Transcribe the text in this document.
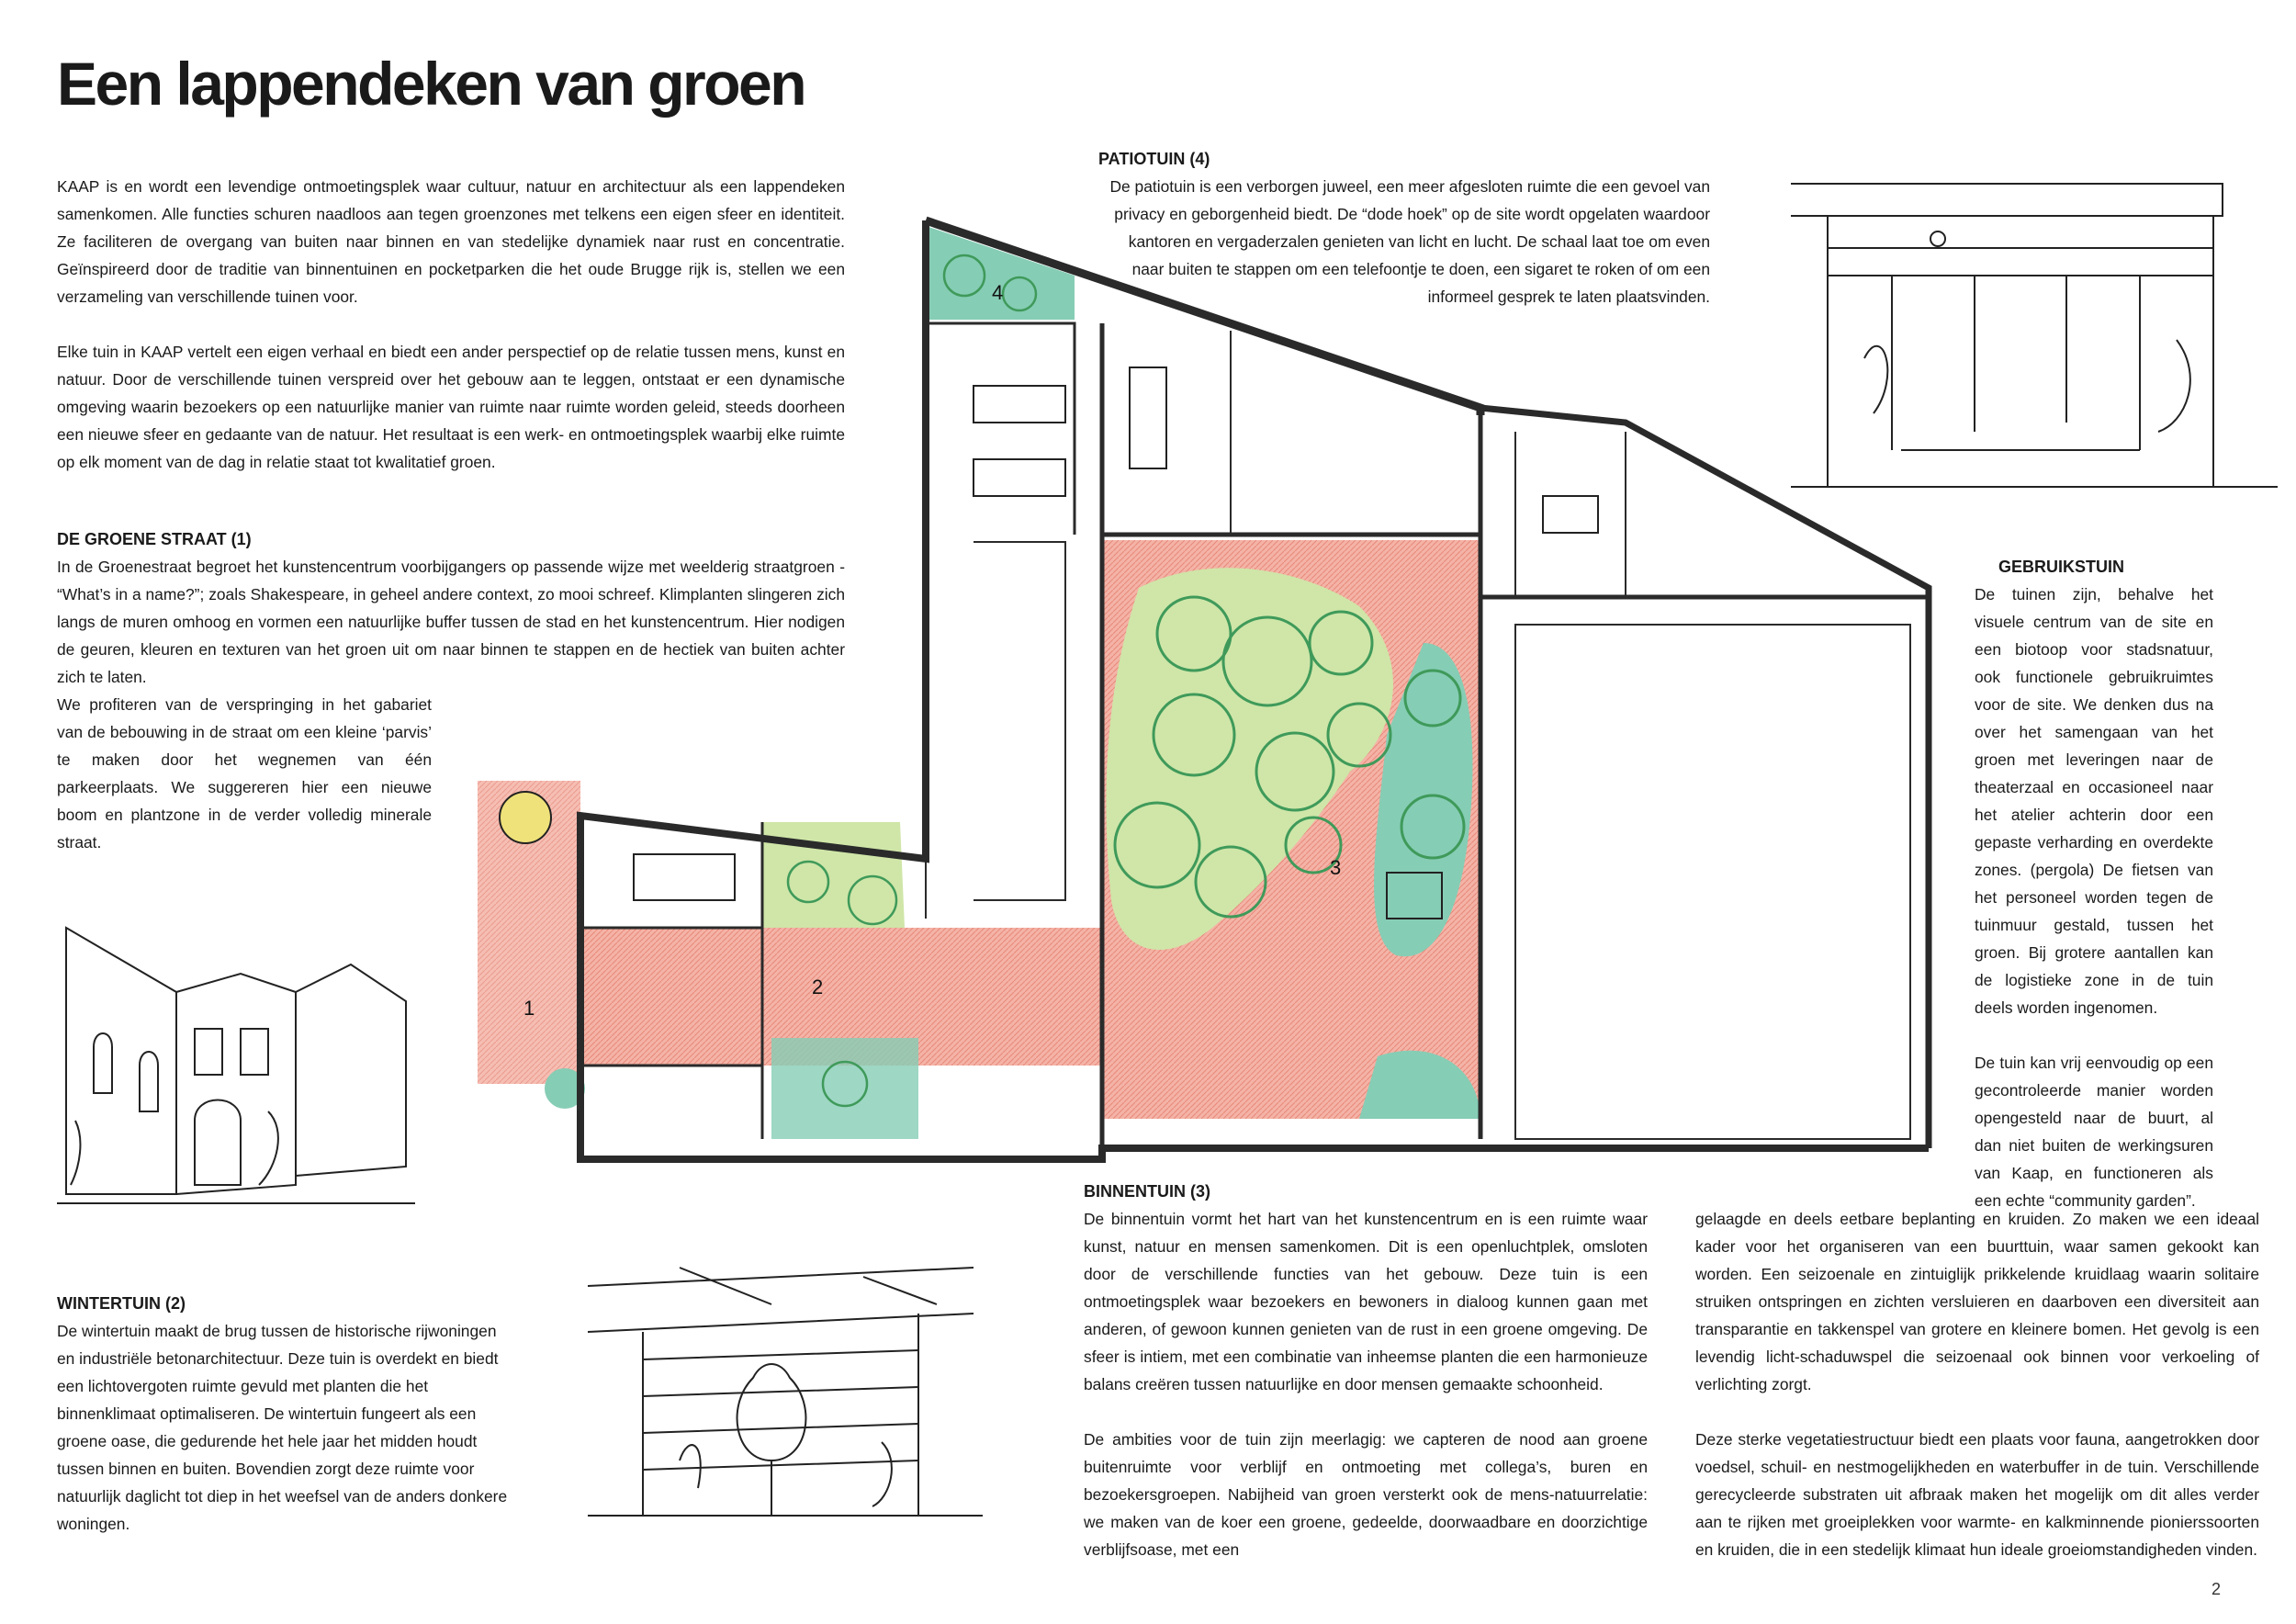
Een lappendeken van groen

KAAP is en wordt een levendige ontmoetingsplek waar cultuur, natuur en architectuur als een lappendeken samenkomen. Alle functies schuren naadloos aan tegen groenzones met telkens een eigen sfeer en identiteit. Ze faciliteren de overgang van buiten naar binnen en van stedelijke dynamiek naar rust en concentratie. Geïnspireerd door de traditie van binnentuinen en pocketparken die het oude Brugge rijk is, stellen we een verzameling van verschillende tuinen voor.

Elke tuin in KAAP vertelt een eigen verhaal en biedt een ander perspectief op de relatie tussen mens, kunst en natuur. Door de verschillende tuinen verspreid over het gebouw aan te leggen, ontstaat er een dynamische omgeving waarin bezoekers op een natuurlijke manier van ruimte naar ruimte worden geleid, steeds doorheen een nieuwe sfeer en gedaante van de natuur. Het resultaat is een werk- en ontmoetingsplek waarbij elke ruimte op elk moment van de dag in relatie staat tot kwalitatief groen.

DE GROENE STRAAT (1)

In de Groenestraat begroet het kunstencentrum voorbijgangers op passende wijze met weelderig straatgroen - “What’s in a name?”; zoals Shakespeare, in geheel andere context, zo mooi schreef. Klimplanten slingeren zich langs de muren omhoog en vormen een natuurlijke buffer tussen de stad en het kunstencentrum. Hier nodigen de geuren, kleuren en texturen van het groen uit om naar binnen te stappen en de hectiek van buiten achter zich te laten.

We profiteren van de verspringing in het gabariet van de bebouwing in de straat om een kleine ‘parvis’ te maken door het wegnemen van één parkeerplaats. We suggereren hier een nieuwe boom en plantzone in de verder volledig minerale straat.

WINTERTUIN (2)

De wintertuin maakt de brug tussen de historische rijwoningen en industriële betonarchitectuur. Deze tuin is overdekt en biedt een lichtovergoten ruimte gevuld met planten die het binnenklimaat optimaliseren. De wintertuin fungeert als een groene oase, die gedurende het hele jaar het midden houdt tussen binnen en buiten. Bovendien zorgt deze ruimte voor natuurlijk daglicht tot diep in het weefsel van de anders donkere woningen.

PATIOTUIN (4)

De patiotuin is een verborgen juweel, een meer afgesloten ruimte die een gevoel van privacy en geborgenheid biedt. De “dode hoek” op de site wordt opgelaten waardoor kantoren en vergaderzalen genieten van licht en lucht. De schaal laat toe om even naar buiten te stappen om een telefoontje te doen, een sigaret te roken of om een informeel gesprek te laten plaatsvinden.

GEBRUIKSTUIN

De tuinen zijn, behalve het visuele centrum van de site en een biotoop voor stadsnatuur, ook functionele gebruikruimtes voor de site. We denken dus na over het samengaan van het groen met leveringen naar de theaterzaal en occasioneel naar het atelier achterin door een gepaste verharding en overdekte zones. (pergola) De fietsen van het personeel worden tegen de tuinmuur gestald, tussen het groen. Bij grotere aantallen kan de logistieke zone in de tuin deels worden ingenomen.

De tuin kan vrij eenvoudig op een gecontroleerde manier worden opengesteld naar de buurt, al dan niet buiten de werkingsuren van Kaap, en functioneren als een echte “community garden”.

BINNENTUIN (3)

De binnentuin vormt het hart van het kunstencentrum en is een ruimte waar kunst, natuur en mensen samenkomen. Dit is een openluchtplek, omsloten door de verschillende functies van het gebouw. Deze tuin is een ontmoetingsplek waar bezoekers en bewoners in dialoog kunnen gaan met anderen, of gewoon kunnen genieten van de rust in een groene omgeving. De sfeer is intiem, met een combinatie van inheemse planten die een harmonieuze balans creëren tussen natuurlijke en door mensen gemaakte schoonheid.

De ambities voor de tuin zijn meerlagig: we capteren de nood aan groene buitenruimte voor verblijf en ontmoeting met collega’s, buren en bezoekersgroepen. Nabijheid van groen versterkt ook de mens-natuurrelatie: we maken van de koer een groene, gedeelde, doorwaadbare en doorzichtige verblijfsoase, met een

gelaagde en deels eetbare beplanting en kruiden. Zo maken we een ideaal kader voor het organiseren van een buurttuin, waar samen gekookt kan worden. Een seizoenale en zintuiglijk prikkelende kruidlaag waarin solitaire struiken ontspringen en zichten versluieren en daarboven een diversiteit aan transparantie en takkenspel van grotere en kleinere bomen. Het gevolg is een levendig licht-schaduwspel die seizoenaal ook binnen voor verkoeling of verlichting zorgt.

Deze sterke vegetatiestructuur biedt een plaats voor fauna, aangetrokken door voedsel, schuil- en nestmogelijkheden en waterbuffer in de tuin. Verschillende gerecycleerde substraten uit afbraak maken het mogelijk om dit alles verder aan te rijken met groeiplekken voor warmte- en kalkminnende pionierssoorten en kruiden, die in een stedelijk klimaat hun ideale groeiomstandigheden vinden.

1
2
3
4
2
